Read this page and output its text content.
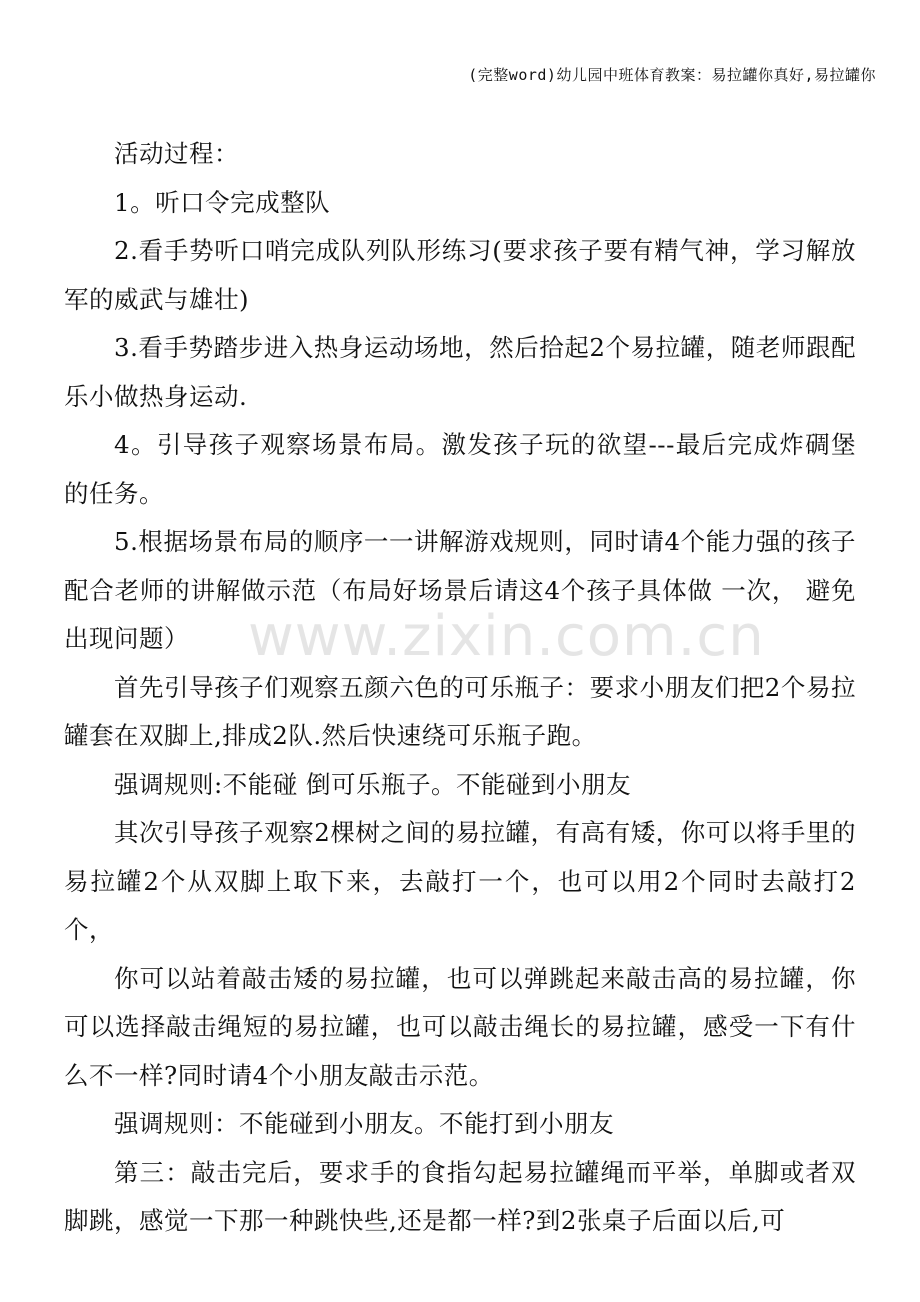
(完整word)幼儿园中班体育教案：易拉罐你真好,易拉罐你
www.zixin.com.cn

活动过程：

1。听口令完成整队

2.看手势听口哨完成队列队形练习(要求孩子要有精气神，学习解放军的威武与雄壮)

3.看手势踏步进入热身运动场地，然后拾起2个易拉罐，随老师跟配乐小做热身运动.

4。引导孩子观察场景布局。激发孩子玩的欲望---最后完成炸碉堡的任务。

5.根据场景布局的顺序一一讲解游戏规则，同时请4个能力强的孩子配合老师的讲解做示范（布局好场景后请这4个孩子具体做 一次， 避免出现问题）

首先引导孩子们观察五颜六色的可乐瓶子：要求小朋友们把2个易拉罐套在双脚上,排成2队.然后快速绕可乐瓶子跑。

强调规则:不能碰 倒可乐瓶子。不能碰到小朋友

其次引导孩子观察2棵树之间的易拉罐，有高有矮，你可以将手里的易拉罐2个从双脚上取下来，去敲打一个，也可以用2个同时去敲打2个，

你可以站着敲击矮的易拉罐，也可以弹跳起来敲击高的易拉罐，你可以选择敲击绳短的易拉罐，也可以敲击绳长的易拉罐，感受一下有什么不一样?同时请4个小朋友敲击示范。

强调规则：不能碰到小朋友。不能打到小朋友

第三：敲击完后，要求手的食指勾起易拉罐绳而平举，单脚或者双脚跳，感觉一下那一种跳快些,还是都一样?到2张桌子后面以后,可
